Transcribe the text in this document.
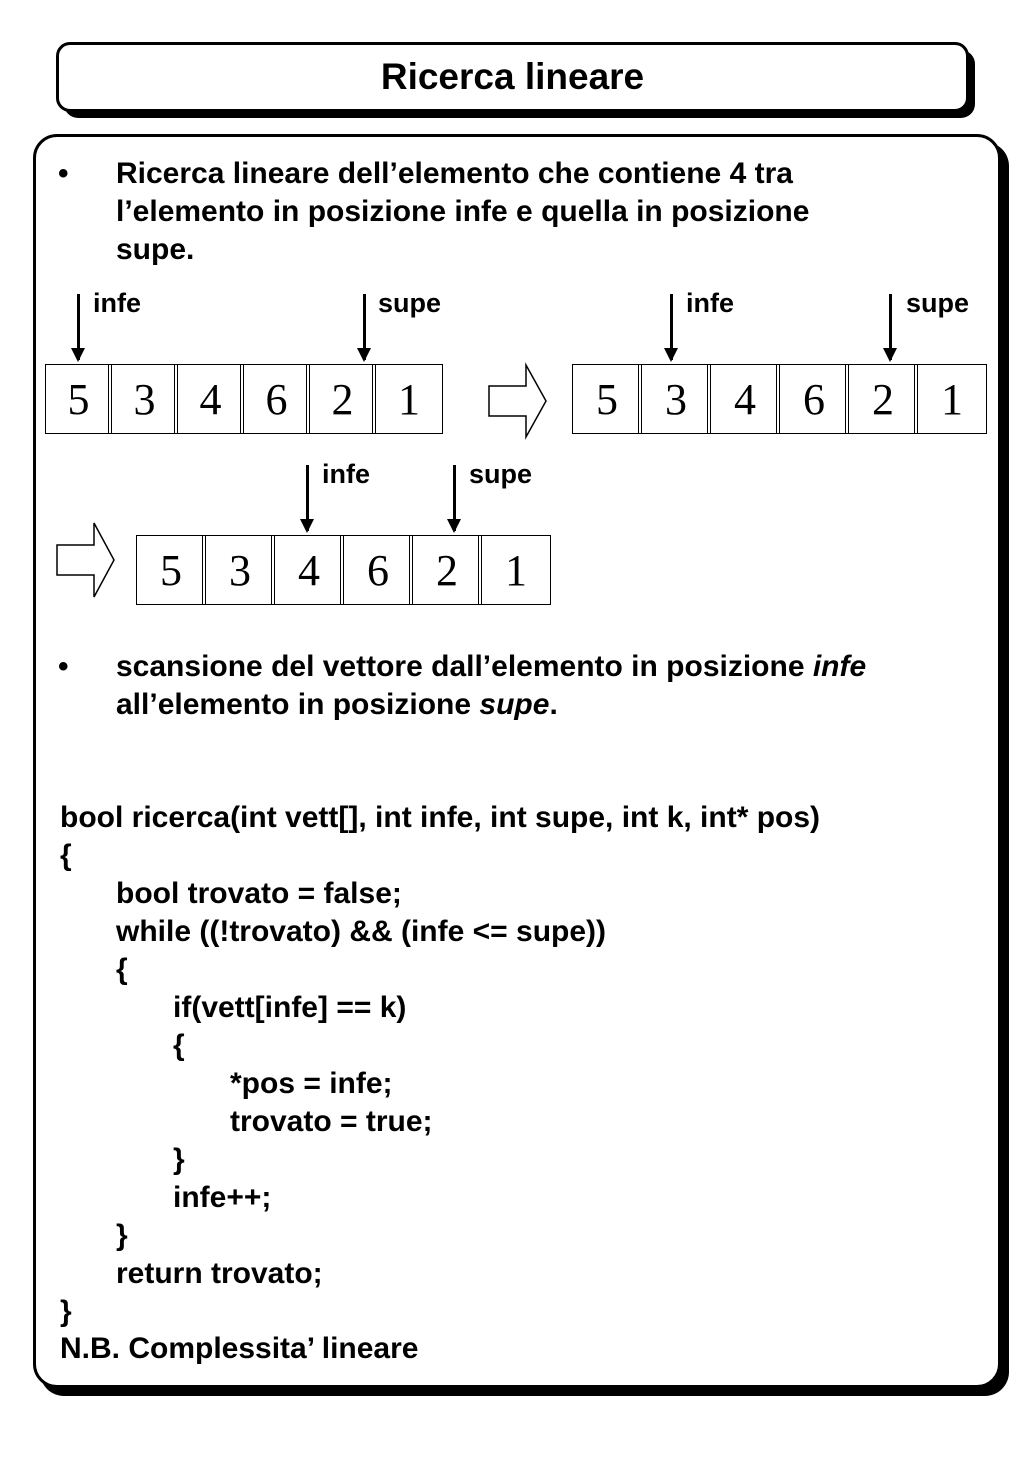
Ricerca lineare
• Ricerca lineare dell’elemento che contiene 4 tra
l’elemento in posizione infe e quella in posizione
supe.
infe	supe
5	3	4	6	2	1
infe	supe
5	3	4	6	2	1
infe	supe
5	3	4	6	2	1
• scansione del vettore dall’elemento in posizione infe
all’elemento in posizione supe.

bool ricerca(int vett[], int infe, int supe, int k, int* pos)
{
bool trovato = false;
while ((!trovato) && (infe <= supe))
{
if(vett[infe] == k)
{
*pos = infe;
trovato = true;
}
infe++;
}
return trovato;
}

N.B. Complessita’ lineare
